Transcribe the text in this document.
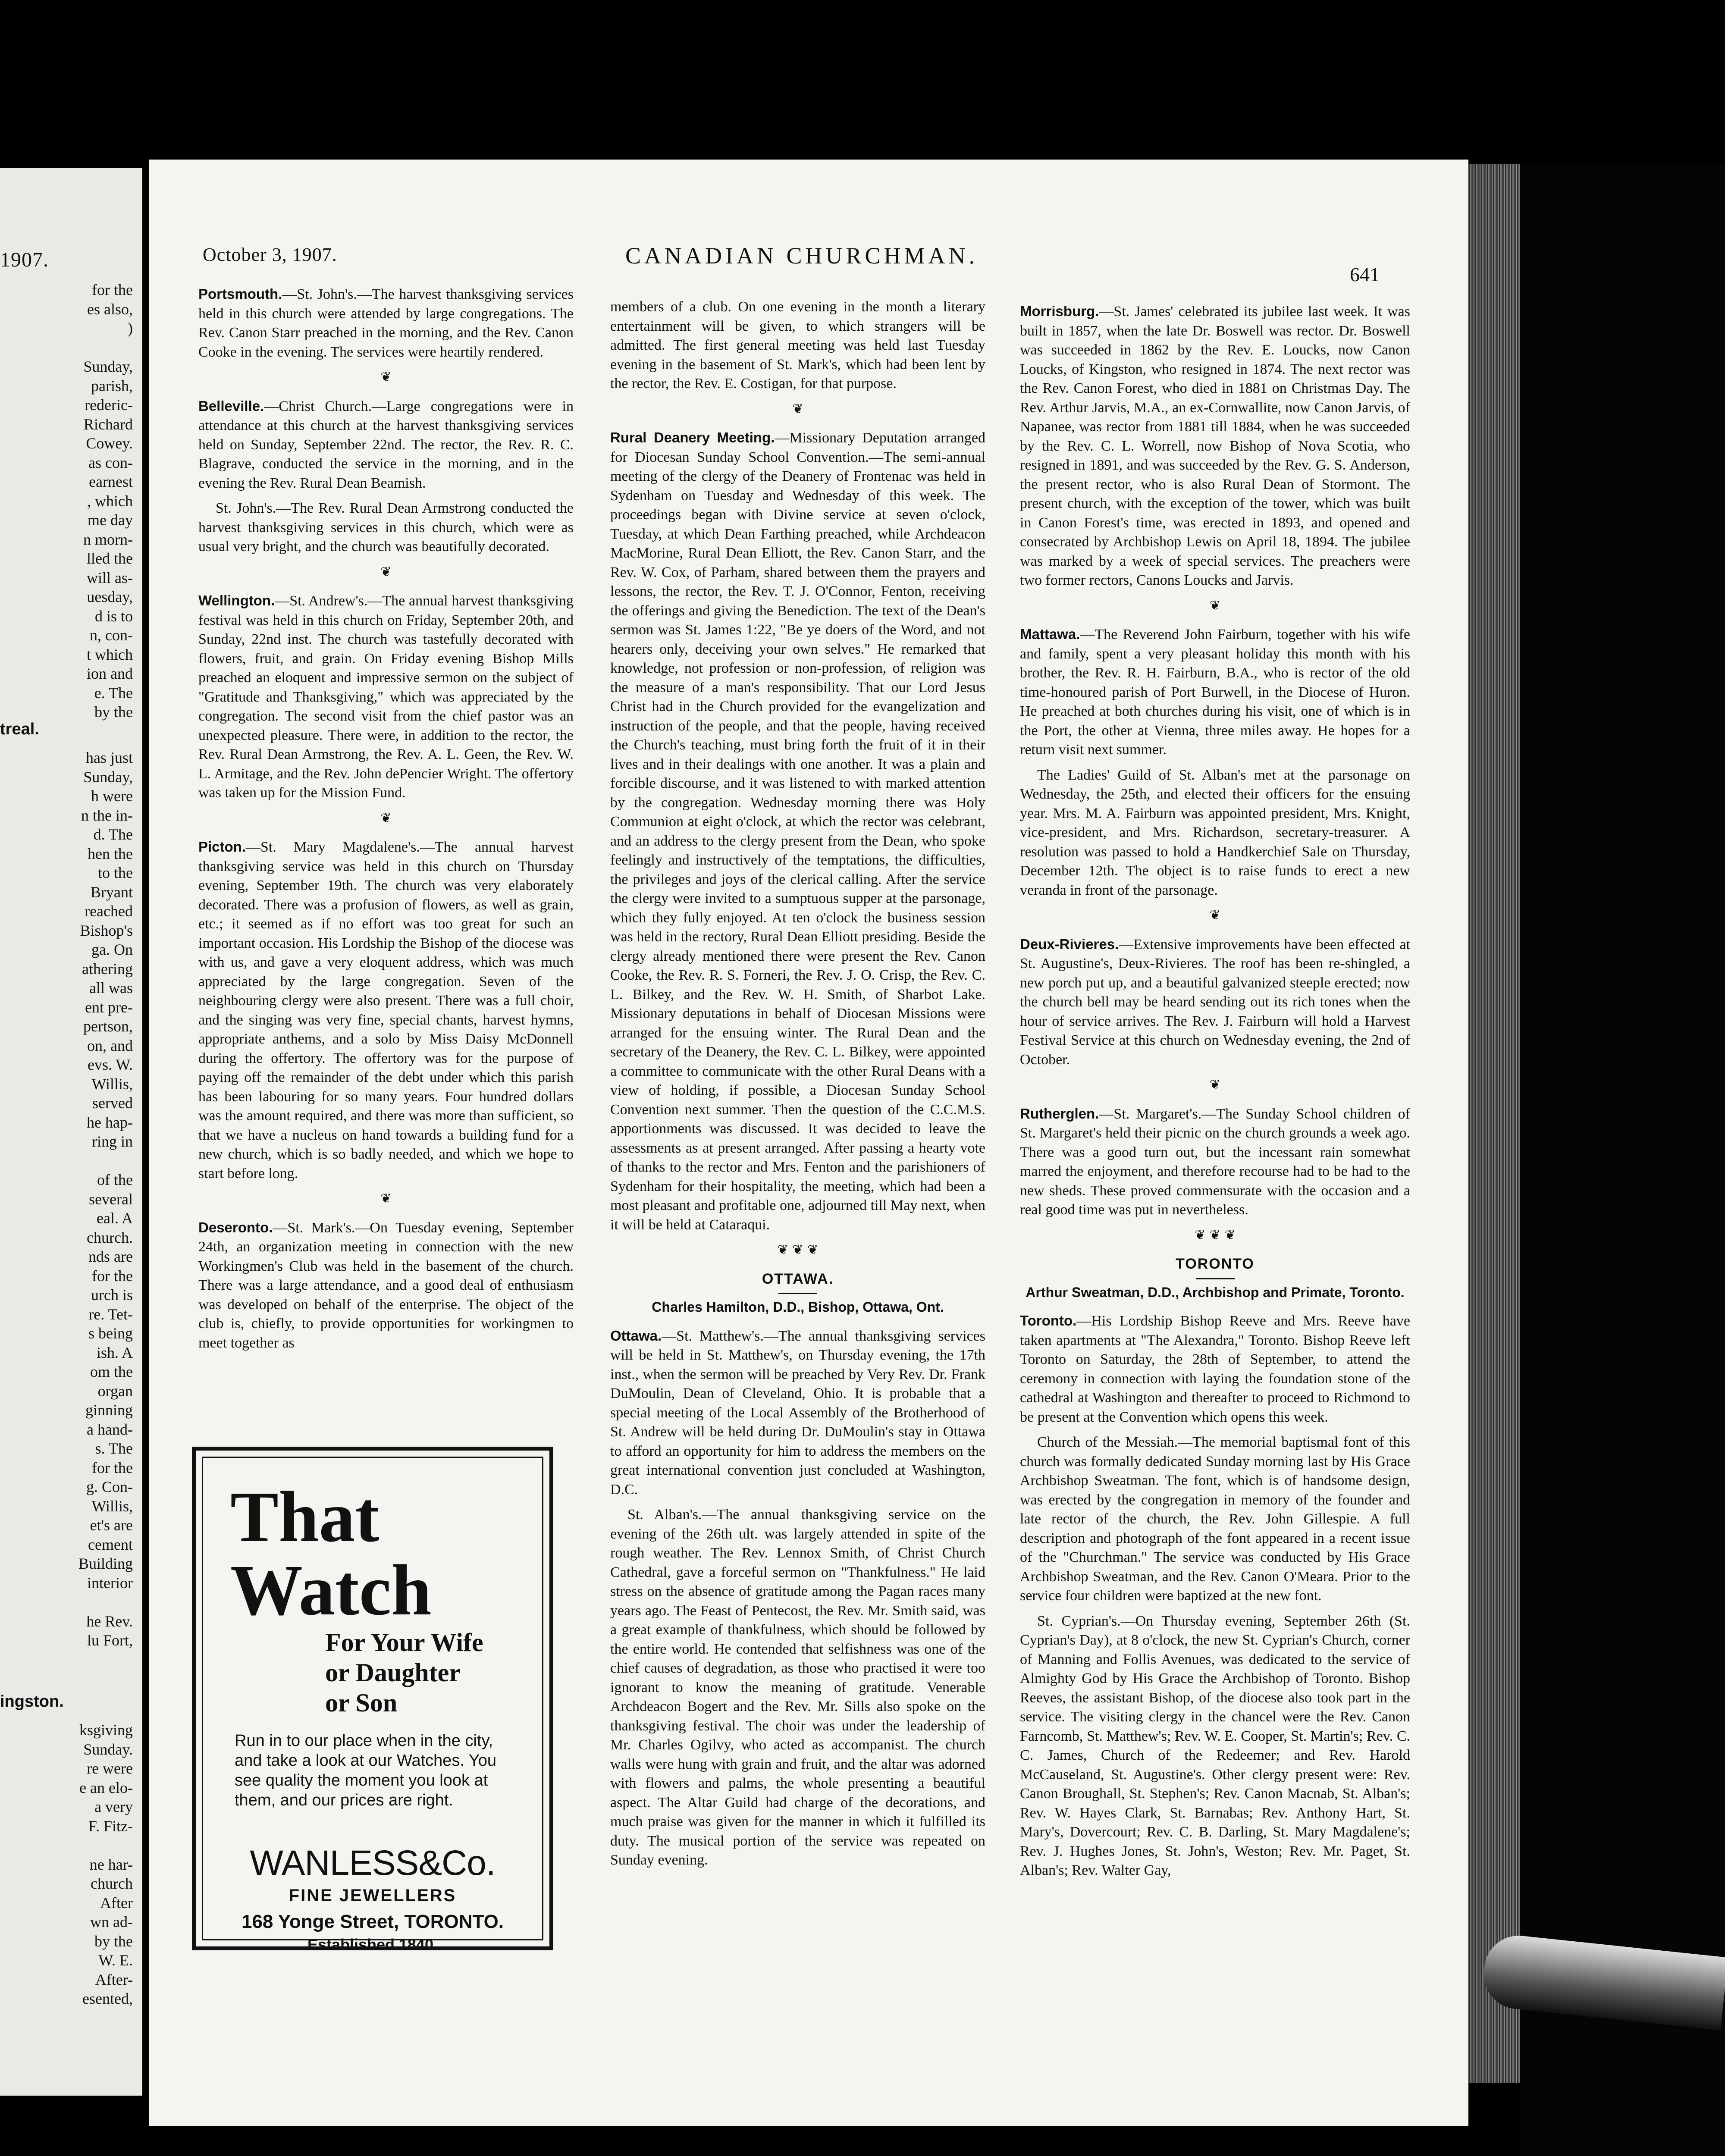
1907.
for the
es also,
)

Sunday,
parish,
rederic-
Richard
Cowey.
as con-
earnest
, which
me day
n morn-
lled the
will as-
uesday,
d is to
n, con-
t which
ion and
e. The
by the
treal.
has just
Sunday,
h were
n the in-
d. The
hen the
to the
Bryant
reached
Bishop's
ga. On
athering
all was
ent pre-
pertson,
on, and
evs. W.
Willis,
served
he hap-
ring in

of the
several
eal. A
church.
nds are
for the
urch is
re. Tet-
s being
ish. A
om the
organ
ginning
a hand-
s. The
for the
g. Con-
Willis,
et's are
cement
Building
interior

he Rev.
lu Fort,
ingston.
ksgiving
Sunday.
re were
e an elo-
a very
F. Fitz-

ne har-
church
After
wn ad-
by the
W. E.
After-
esented,
October 3, 1907.	CANADIAN CHURCHMAN.
641

Portsmouth.—St. John's.—The harvest thanksgiving services held in this church were attended by large congregations. The Rev. Canon Starr preached in the morning, and the Rev. Canon Cooke in the evening. The services were heartily rendered.

❦

Belleville.—Christ Church.—Large congregations were in attendance at this church at the harvest thanksgiving services held on Sunday, September 22nd. The rector, the Rev. R. C. Blagrave, conducted the service in the morning, and in the evening the Rev. Rural Dean Beamish.

St. John's.—The Rev. Rural Dean Armstrong conducted the harvest thanksgiving services in this church, which were as usual very bright, and the church was beautifully decorated.

❦

Wellington.—St. Andrew's.—The annual harvest thanksgiving festival was held in this church on Friday, September 20th, and Sunday, 22nd inst. The church was tastefully decorated with flowers, fruit, and grain. On Friday evening Bishop Mills preached an eloquent and impressive sermon on the subject of "Gratitude and Thanksgiving," which was appreciated by the congregation. The second visit from the chief pastor was an unexpected pleasure. There were, in addition to the rector, the Rev. Rural Dean Armstrong, the Rev. A. L. Geen, the Rev. W. L. Armitage, and the Rev. John dePencier Wright. The offertory was taken up for the Mission Fund.

❦

Picton.—St. Mary Magdalene's.—The annual harvest thanksgiving service was held in this church on Thursday evening, September 19th. The church was very elaborately decorated. There was a profusion of flowers, as well as grain, etc.; it seemed as if no effort was too great for such an important occasion. His Lordship the Bishop of the diocese was with us, and gave a very eloquent address, which was much appreciated by the large congregation. Seven of the neighbouring clergy were also present. There was a full choir, and the singing was very fine, special chants, harvest hymns, appropriate anthems, and a solo by Miss Daisy McDonnell during the offertory. The offertory was for the purpose of paying off the remainder of the debt under which this parish has been labouring for so many years. Four hundred dollars was the amount required, and there was more than sufficient, so that we have a nucleus on hand towards a building fund for a new church, which is so badly needed, and which we hope to start before long.

❦

Deseronto.—St. Mark's.—On Tuesday evening, September 24th, an organization meeting in connection with the new Workingmen's Club was held in the basement of the church. There was a large attendance, and a good deal of enthusiasm was developed on behalf of the enterprise. The object of the club is, chiefly, to provide opportunities for workingmen to meet together as

That
Watch
For Your Wife
or Daughter
or Son
Run in to our place when in the city, and take a look at our Watches. You see quality the moment you look at them, and our prices are right.
WANLESS&Co.
FINE JEWELLERS
168 Yonge Street, TORONTO.
Established 1840.

members of a club. On one evening in the month a literary entertainment will be given, to which strangers will be admitted. The first general meeting was held last Tuesday evening in the basement of St. Mark's, which had been lent by the rector, the Rev. E. Costigan, for that purpose.

❦

Rural Deanery Meeting.—Missionary Deputation arranged for Diocesan Sunday School Convention.—The semi-annual meeting of the clergy of the Deanery of Frontenac was held in Sydenham on Tuesday and Wednesday of this week. The proceedings began with Divine service at seven o'clock, Tuesday, at which Dean Farthing preached, while Archdeacon MacMorine, Rural Dean Elliott, the Rev. Canon Starr, and the Rev. W. Cox, of Parham, shared between them the prayers and lessons, the rector, the Rev. T. J. O'Connor, Fenton, receiving the offerings and giving the Benediction. The text of the Dean's sermon was St. James 1:22, "Be ye doers of the Word, and not hearers only, deceiving your own selves." He remarked that knowledge, not profession or non-profession, of religion was the measure of a man's responsibility. That our Lord Jesus Christ had in the Church provided for the evangelization and instruction of the people, and that the people, having received the Church's teaching, must bring forth the fruit of it in their lives and in their dealings with one another. It was a plain and forcible discourse, and it was listened to with marked attention by the congregation. Wednesday morning there was Holy Communion at eight o'clock, at which the rector was celebrant, and an address to the clergy present from the Dean, who spoke feelingly and instructively of the temptations, the difficulties, the privileges and joys of the clerical calling. After the service the clergy were invited to a sumptuous supper at the parsonage, which they fully enjoyed. At ten o'clock the business session was held in the rectory, Rural Dean Elliott presiding. Beside the clergy already mentioned there were present the Rev. Canon Cooke, the Rev. R. S. Forneri, the Rev. J. O. Crisp, the Rev. C. L. Bilkey, and the Rev. W. H. Smith, of Sharbot Lake. Missionary deputations in behalf of Diocesan Missions were arranged for the ensuing winter. The Rural Dean and the secretary of the Deanery, the Rev. C. L. Bilkey, were appointed a committee to communicate with the other Rural Deans with a view of holding, if possible, a Diocesan Sunday School Convention next summer. Then the question of the C.C.M.S. apportionments was discussed. It was decided to leave the assessments as at present arranged. After passing a hearty vote of thanks to the rector and Mrs. Fenton and the parishioners of Sydenham for their hospitality, the meeting, which had been a most pleasant and profitable one, adjourned till May next, when it will be held at Cataraqui.

❦ ❦ ❦
OTTAWA.
Charles Hamilton, D.D., Bishop, Ottawa, Ont.

Ottawa.—St. Matthew's.—The annual thanksgiving services will be held in St. Matthew's, on Thursday evening, the 17th inst., when the sermon will be preached by Very Rev. Dr. Frank DuMoulin, Dean of Cleveland, Ohio. It is probable that a special meeting of the Local Assembly of the Brotherhood of St. Andrew will be held during Dr. DuMoulin's stay in Ottawa to afford an opportunity for him to address the members on the great international convention just concluded at Washington, D.C.

St. Alban's.—The annual thanksgiving service on the evening of the 26th ult. was largely attended in spite of the rough weather. The Rev. Lennox Smith, of Christ Church Cathedral, gave a forceful sermon on "Thankfulness." He laid stress on the absence of gratitude among the Pagan races many years ago. The Feast of Pentecost, the Rev. Mr. Smith said, was a great example of thankfulness, which should be followed by the entire world. He contended that selfishness was one of the chief causes of degradation, as those who practised it were too ignorant to know the meaning of gratitude. Venerable Archdeacon Bogert and the Rev. Mr. Sills also spoke on the thanksgiving festival. The choir was under the leadership of Mr. Charles Ogilvy, who acted as accompanist. The church walls were hung with grain and fruit, and the altar was adorned with flowers and palms, the whole presenting a beautiful aspect. The Altar Guild had charge of the decorations, and much praise was given for the manner in which it fulfilled its duty. The musical portion of the service was repeated on Sunday evening.

Morrisburg.—St. James' celebrated its jubilee last week. It was built in 1857, when the late Dr. Boswell was rector. Dr. Boswell was succeeded in 1862 by the Rev. E. Loucks, now Canon Loucks, of Kingston, who resigned in 1874. The next rector was the Rev. Canon Forest, who died in 1881 on Christmas Day. The Rev. Arthur Jarvis, M.A., an ex-Cornwallite, now Canon Jarvis, of Napanee, was rector from 1881 till 1884, when he was succeeded by the Rev. C. L. Worrell, now Bishop of Nova Scotia, who resigned in 1891, and was succeeded by the Rev. G. S. Anderson, the present rector, who is also Rural Dean of Stormont. The present church, with the exception of the tower, which was built in Canon Forest's time, was erected in 1893, and opened and consecrated by Archbishop Lewis on April 18, 1894. The jubilee was marked by a week of special services. The preachers were two former rectors, Canons Loucks and Jarvis.

❦

Mattawa.—The Reverend John Fairburn, together with his wife and family, spent a very pleasant holiday this month with his brother, the Rev. R. H. Fairburn, B.A., who is rector of the old time-honoured parish of Port Burwell, in the Diocese of Huron. He preached at both churches during his visit, one of which is in the Port, the other at Vienna, three miles away. He hopes for a return visit next summer.

The Ladies' Guild of St. Alban's met at the parsonage on Wednesday, the 25th, and elected their officers for the ensuing year. Mrs. M. A. Fairburn was appointed president, Mrs. Knight, vice-president, and Mrs. Richardson, secretary-treasurer. A resolution was passed to hold a Handkerchief Sale on Thursday, December 12th. The object is to raise funds to erect a new veranda in front of the parsonage.

❦

Deux-Rivieres.—Extensive improvements have been effected at St. Augustine's, Deux-Rivieres. The roof has been re-shingled, a new porch put up, and a beautiful galvanized steeple erected; now the church bell may be heard sending out its rich tones when the hour of service arrives. The Rev. J. Fairburn will hold a Harvest Festival Service at this church on Wednesday evening, the 2nd of October.

❦

Rutherglen.—St. Margaret's.—The Sunday School children of St. Margaret's held their picnic on the church grounds a week ago. There was a good turn out, but the incessant rain somewhat marred the enjoyment, and therefore recourse had to be had to the new sheds. These proved commensurate with the occasion and a real good time was put in nevertheless.

❦ ❦ ❦
TORONTO
Arthur Sweatman, D.D., Archbishop and Primate, Toronto.

Toronto.—His Lordship Bishop Reeve and Mrs. Reeve have taken apartments at "The Alexandra," Toronto. Bishop Reeve left Toronto on Saturday, the 28th of September, to attend the ceremony in connection with laying the foundation stone of the cathedral at Washington and thereafter to proceed to Richmond to be present at the Convention which opens this week.

Church of the Messiah.—The memorial baptismal font of this church was formally dedicated Sunday morning last by His Grace Archbishop Sweatman. The font, which is of handsome design, was erected by the congregation in memory of the founder and late rector of the church, the Rev. John Gillespie. A full description and photograph of the font appeared in a recent issue of the "Churchman." The service was conducted by His Grace Archbishop Sweatman, and the Rev. Canon O'Meara. Prior to the service four children were baptized at the new font.

St. Cyprian's.—On Thursday evening, September 26th (St. Cyprian's Day), at 8 o'clock, the new St. Cyprian's Church, corner of Manning and Follis Avenues, was dedicated to the service of Almighty God by His Grace the Archbishop of Toronto. Bishop Reeves, the assistant Bishop, of the diocese also took part in the service. The visiting clergy in the chancel were the Rev. Canon Farncomb, St. Matthew's; Rev. W. E. Cooper, St. Martin's; Rev. C. C. James, Church of the Redeemer; and Rev. Harold McCauseland, St. Augustine's. Other clergy present were: Rev. Canon Broughall, St. Stephen's; Rev. Canon Macnab, St. Alban's; Rev. W. Hayes Clark, St. Barnabas; Rev. Anthony Hart, St. Mary's, Dovercourt; Rev. C. B. Darling, St. Mary Magdalene's; Rev. J. Hughes Jones, St. John's, Weston; Rev. Mr. Paget, St. Alban's; Rev. Walter Gay,
